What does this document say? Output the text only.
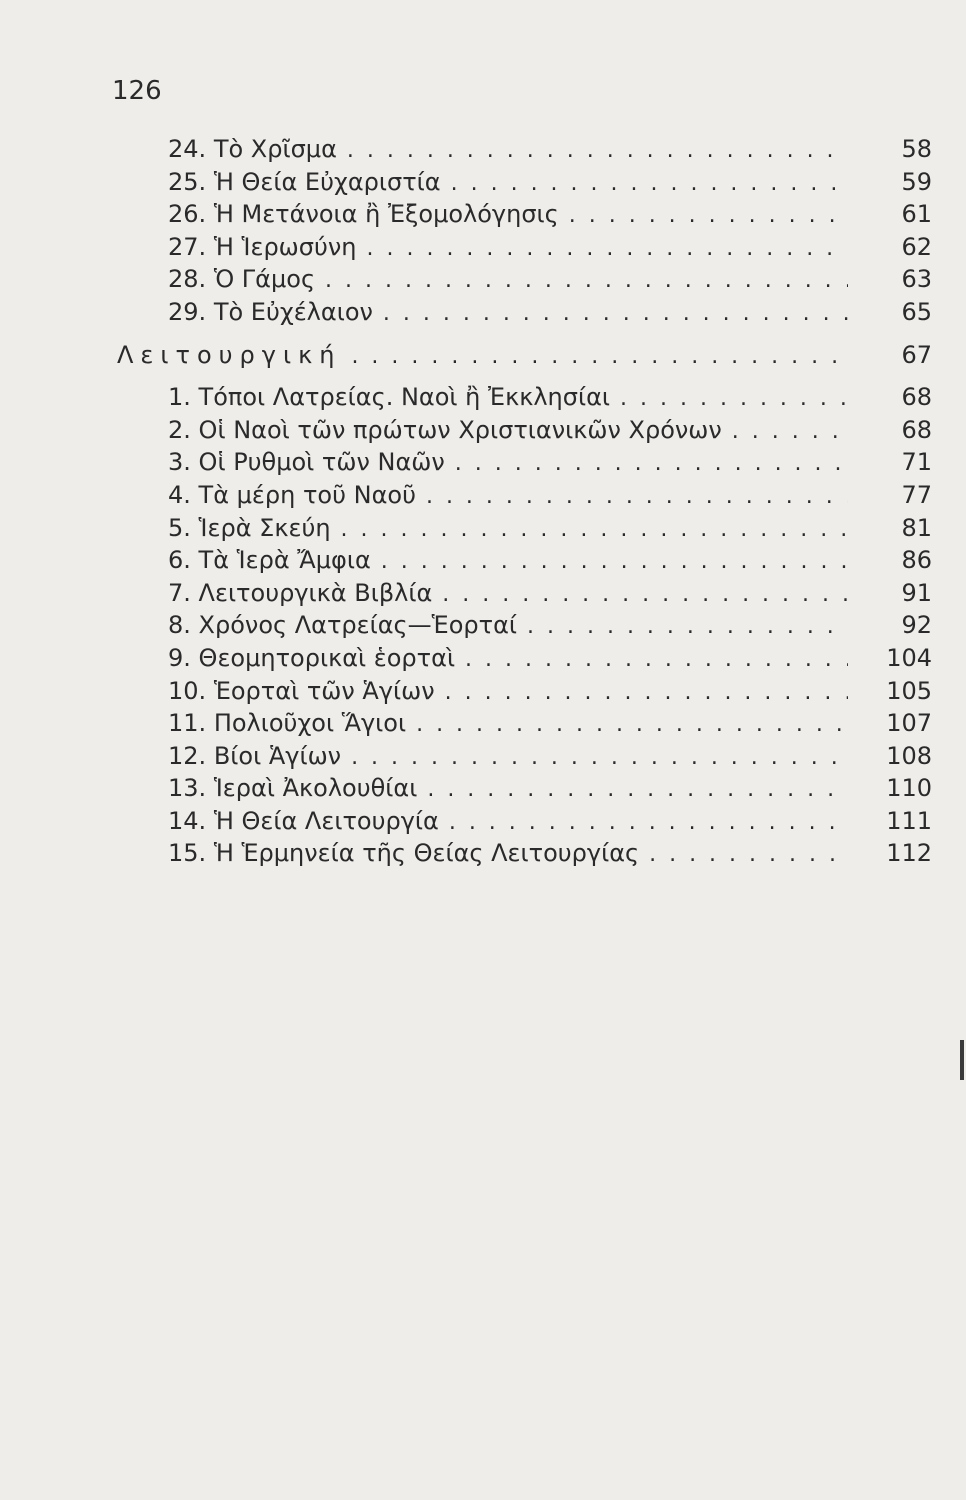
126
24. Τὸ Χρῖσμα . . .	58
25. Ἡ Θεία Εὐχαριστία . . .	59
26. Ἡ Μετάνοια ἢ Ἐξομολόγησις . . .	61
27. Ἡ Ἱερωσύνη . . .	62
28. Ὁ Γάμος . . .	63
29. Τὸ Εὐχέλαιον . . .	65
Λειτουργική . . .	67
1. Τόποι Λατρείας. Ναοὶ ἢ Ἐκκλησίαι . . .	68
2. Οἱ Ναοὶ τῶν πρώτων Χριστιανικῶν Χρόνων . . .	68
3. Οἱ Ρυθμοὶ τῶν Ναῶν . . .	71
4. Τὰ μέρη τοῦ Ναοῦ . . .	77
5. Ἱερὰ Σκεύη . . .	81
6. Τὰ Ἱερὰ Ἄμφια . . .	86
7. Λειτουργικὰ Βιβλία . . .	91
8. Χρόνος Λατρείας—Ἑορταί . . .	92
9. Θεομητορικαὶ ἑορταὶ . . .	104
10. Ἑορταὶ τῶν Ἁγίων . . .	105
11. Πολιοῦχοι Ἅγιοι . . .	107
12. Βίοι Ἁγίων . . .	108
13. Ἱεραὶ Ἀκολουθίαι . . .	110
14. Ἡ Θεία Λειτουργία . . .	111
15. Ἡ Ἑρμηνεία τῆς Θείας Λειτουργίας . . .	112
